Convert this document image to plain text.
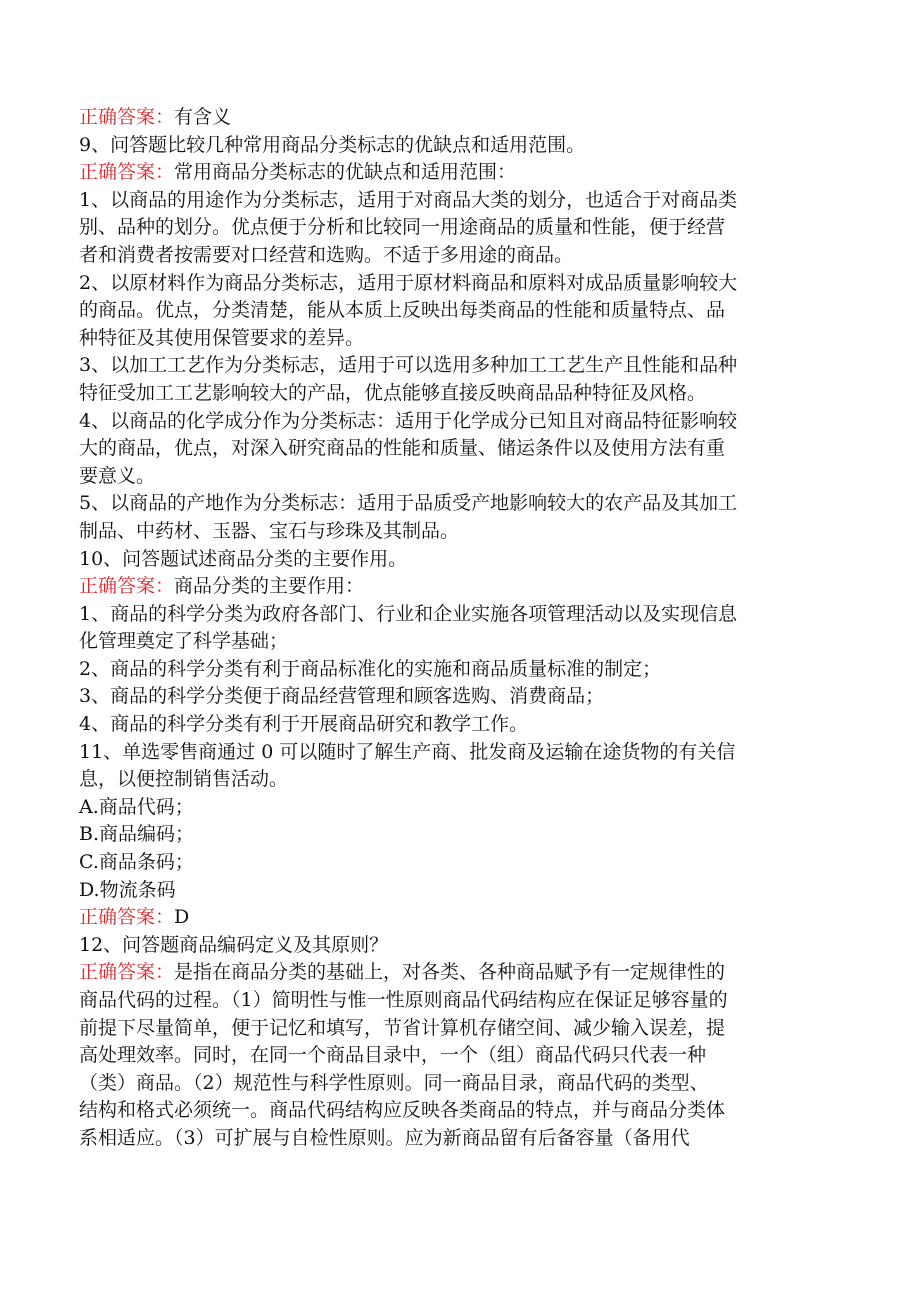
正确答案：有含义
9、问答题比较几种常用商品分类标志的优缺点和适用范围。
正确答案：常用商品分类标志的优缺点和适用范围：
1、以商品的用途作为分类标志，适用于对商品大类的划分，也适合于对商品类
别、品种的划分。优点便于分析和比较同一用途商品的质量和性能，便于经营
者和消费者按需要对口经营和选购。不适于多用途的商品。
2、以原材料作为商品分类标志，适用于原材料商品和原料对成品质量影响较大
的商品。优点，分类清楚，能从本质上反映出每类商品的性能和质量特点、品
种特征及其使用保管要求的差异。
3、以加工工艺作为分类标志，适用于可以选用多种加工工艺生产且性能和品种
特征受加工工艺影响较大的产品，优点能够直接反映商品品种特征及风格。
4、以商品的化学成分作为分类标志：适用于化学成分已知且对商品特征影响较
大的商品，优点，对深入研究商品的性能和质量、储运条件以及使用方法有重
要意义。
5、以商品的产地作为分类标志：适用于品质受产地影响较大的农产品及其加工
制品、中药材、玉器、宝石与珍珠及其制品。
10、问答题试述商品分类的主要作用。
正确答案：商品分类的主要作用：
1、商品的科学分类为政府各部门、行业和企业实施各项管理活动以及实现信息
化管理奠定了科学基础；
2、商品的科学分类有利于商品标准化的实施和商品质量标准的制定；
3、商品的科学分类便于商品经营管理和顾客选购、消费商品；
4、商品的科学分类有利于开展商品研究和教学工作。
11、单选零售商通过 0 可以随时了解生产商、批发商及运输在途货物的有关信
息，以便控制销售活动。
A.商品代码；
B.商品编码；
C.商品条码；
D.物流条码
正确答案：D
12、问答题商品编码定义及其原则？
正确答案：是指在商品分类的基础上，对各类、各种商品赋予有一定规律性的
商品代码的过程。（1）简明性与惟一性原则商品代码结构应在保证足够容量的
前提下尽量简单，便于记忆和填写，节省计算机存储空间、减少输入误差，提
高处理效率。同时，在同一个商品目录中，一个（组）商品代码只代表一种
（类）商品。（2）规范性与科学性原则。同一商品目录，商品代码的类型、
结构和格式必须统一。商品代码结构应反映各类商品的特点，并与商品分类体
系相适应。（3）可扩展与自检性原则。应为新商品留有后备容量（备用代
